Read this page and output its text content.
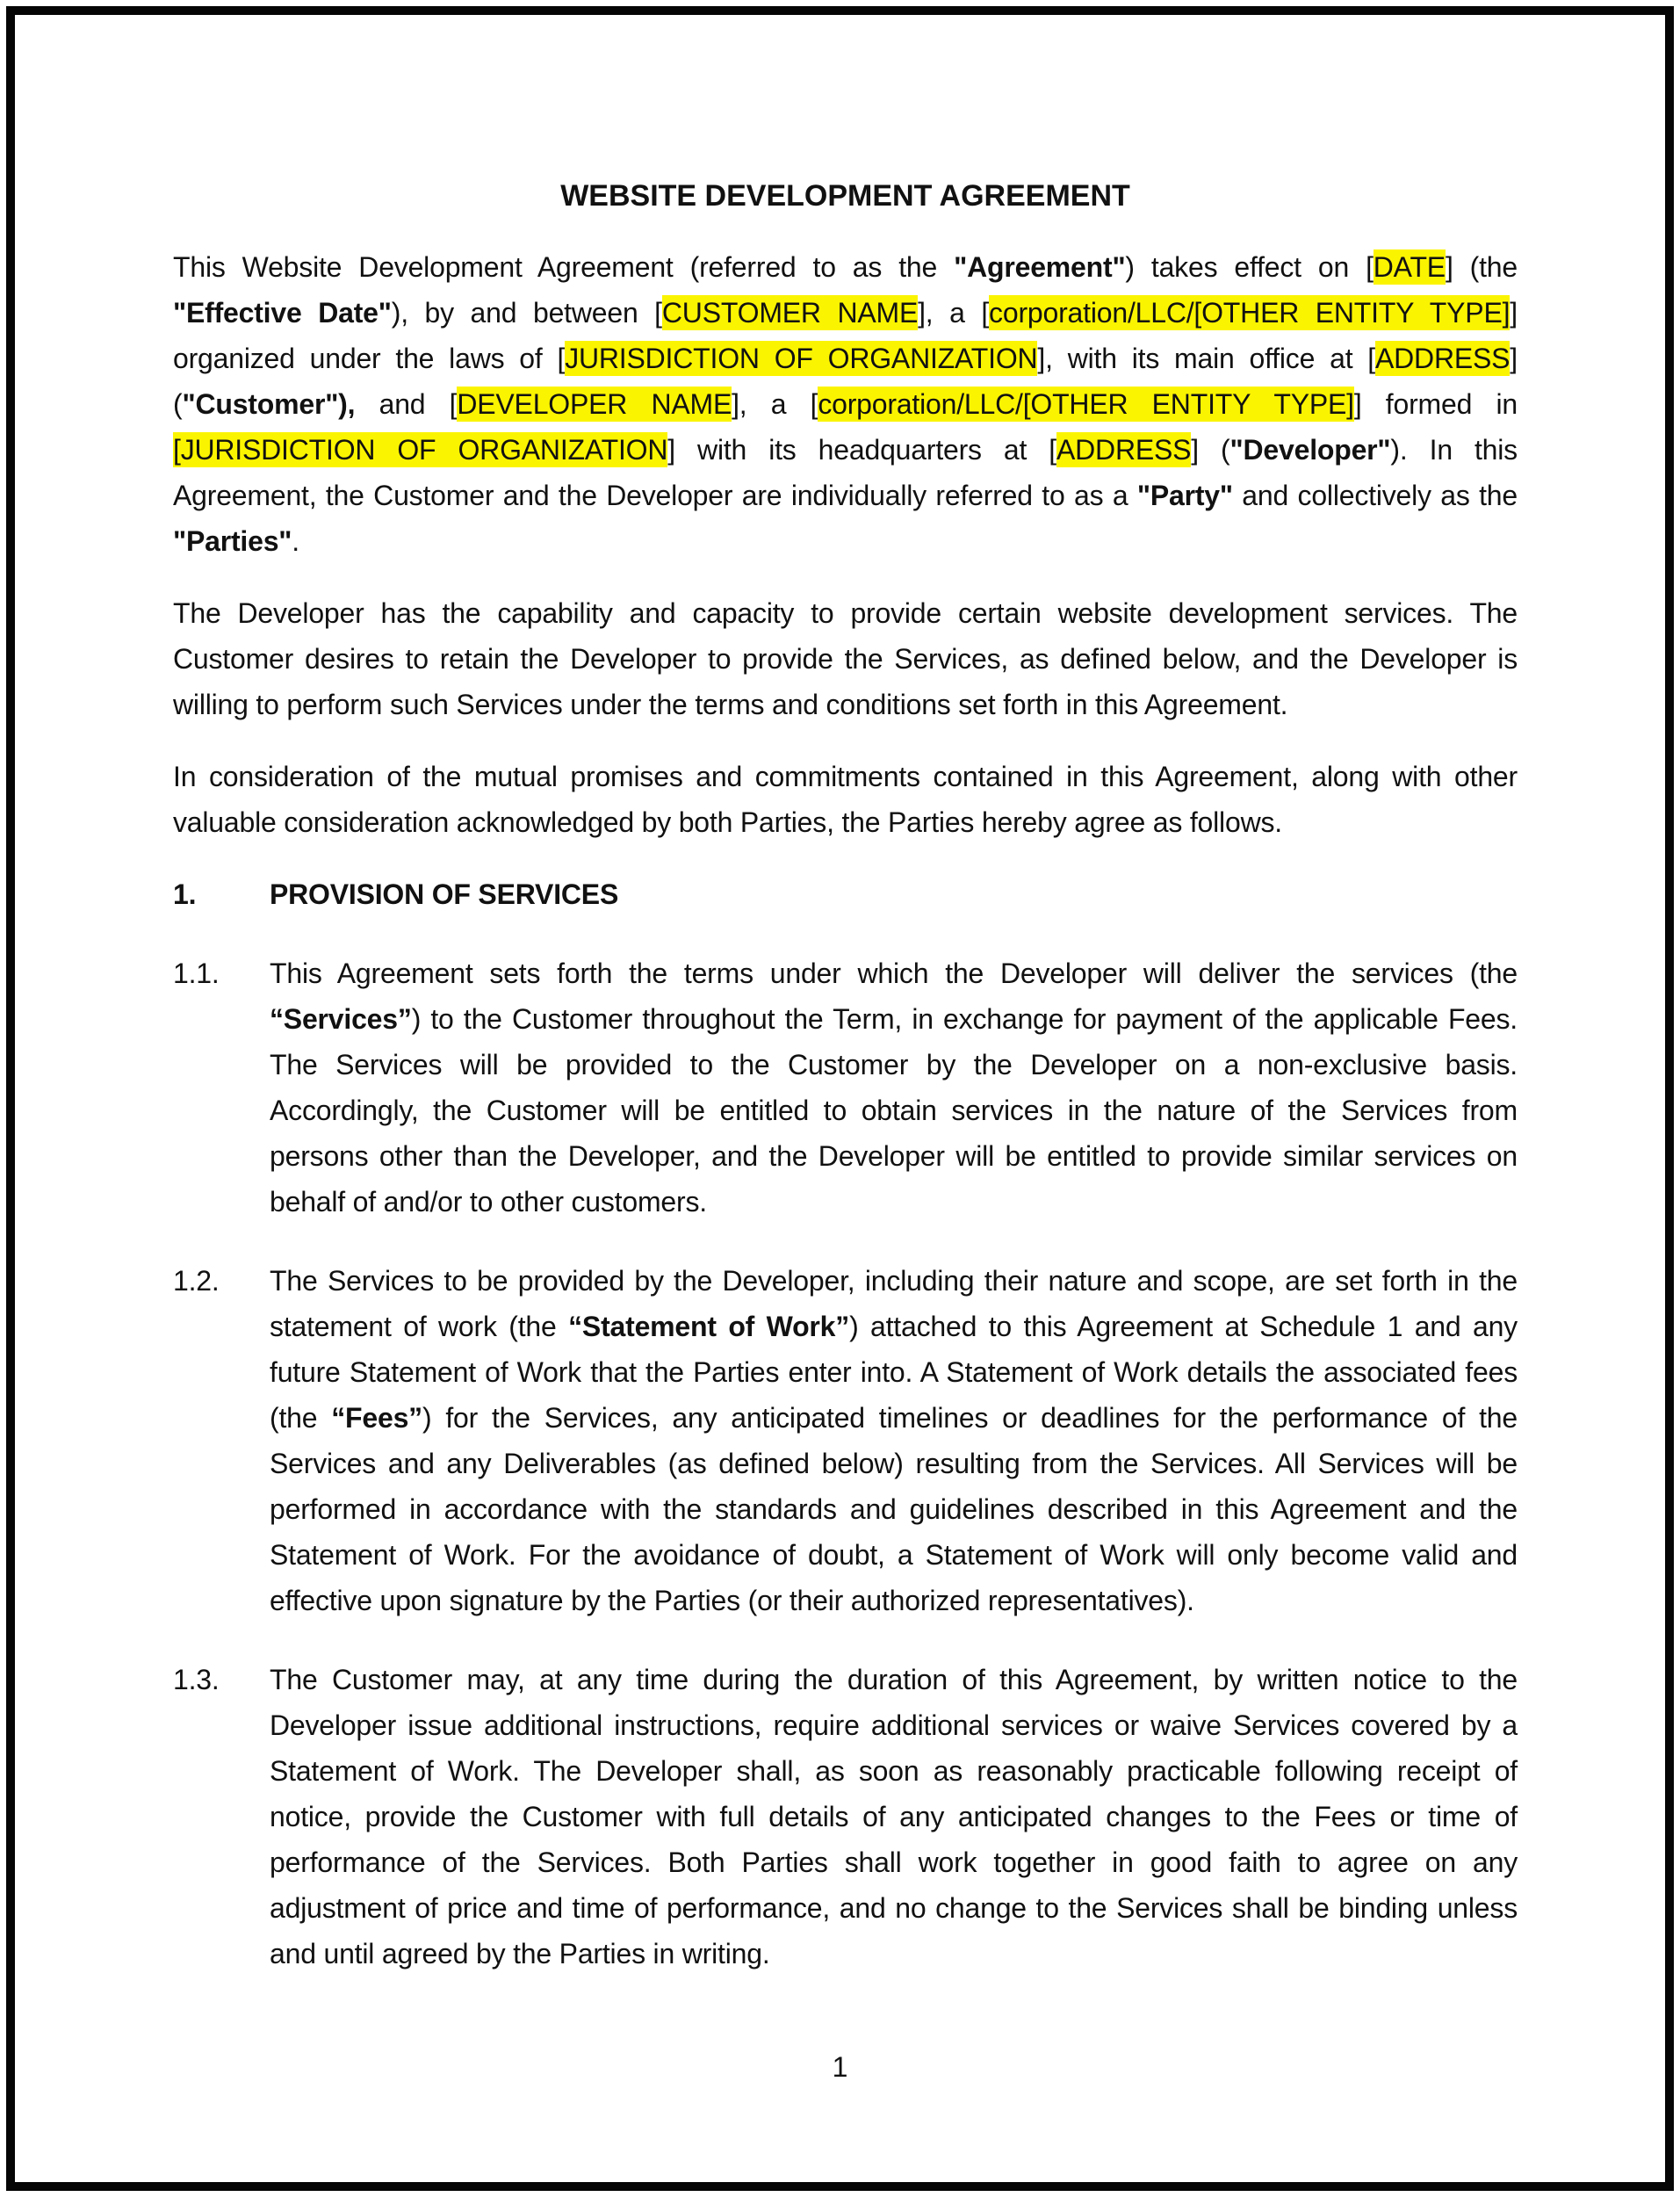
WEBSITE DEVELOPMENT AGREEMENT

This Website Development Agreement (referred to as the "Agreement") takes effect on [DATE] (the "Effective Date"), by and between [CUSTOMER NAME], a [corporation/LLC/[OTHER ENTITY TYPE]] organized under the laws of [JURISDICTION OF ORGANIZATION], with its main office at [ADDRESS] ("Customer"), and [DEVELOPER NAME], a [corporation/LLC/[OTHER ENTITY TYPE]] formed in [JURISDICTION OF ORGANIZATION] with its headquarters at [ADDRESS] ("Developer"). In this Agreement, the Customer and the Developer are individually referred to as a "Party" and collectively as the "Parties".

The Developer has the capability and capacity to provide certain website development services. The Customer desires to retain the Developer to provide the Services, as defined below, and the Developer is willing to perform such Services under the terms and conditions set forth in this Agreement.

In consideration of the mutual promises and commitments contained in this Agreement, along with other valuable consideration acknowledged by both Parties, the Parties hereby agree as follows.

1.	PROVISION OF SERVICES
1.1.	This Agreement sets forth the terms under which the Developer will deliver the services (the “Services”) to the Customer throughout the Term, in exchange for payment of the applicable Fees. The Services will be provided to the Customer by the Developer on a non-exclusive basis. Accordingly, the Customer will be entitled to obtain services in the nature of the Services from persons other than the Developer, and the Developer will be entitled to provide similar services on behalf of and/or to other customers.
1.2.	The Services to be provided by the Developer, including their nature and scope, are set forth in the statement of work (the “Statement of Work”) attached to this Agreement at Schedule 1 and any future Statement of Work that the Parties enter into. A Statement of Work details the associated fees (the “Fees”) for the Services, any anticipated timelines or deadlines for the performance of the Services and any Deliverables (as defined below) resulting from the Services. All Services will be performed in accordance with the standards and guidelines described in this Agreement and the Statement of Work. For the avoidance of doubt, a Statement of Work will only become valid and effective upon signature by the Parties (or their authorized representatives).
1.3.	The Customer may, at any time during the duration of this Agreement, by written notice to the Developer issue additional instructions, require additional services or waive Services covered by a Statement of Work. The Developer shall, as soon as reasonably practicable following receipt of notice, provide the Customer with full details of any anticipated changes to the Fees or time of performance of the Services. Both Parties shall work together in good faith to agree on any adjustment of price and time of performance, and no change to the Services shall be binding unless and until agreed by the Parties in writing.
1
